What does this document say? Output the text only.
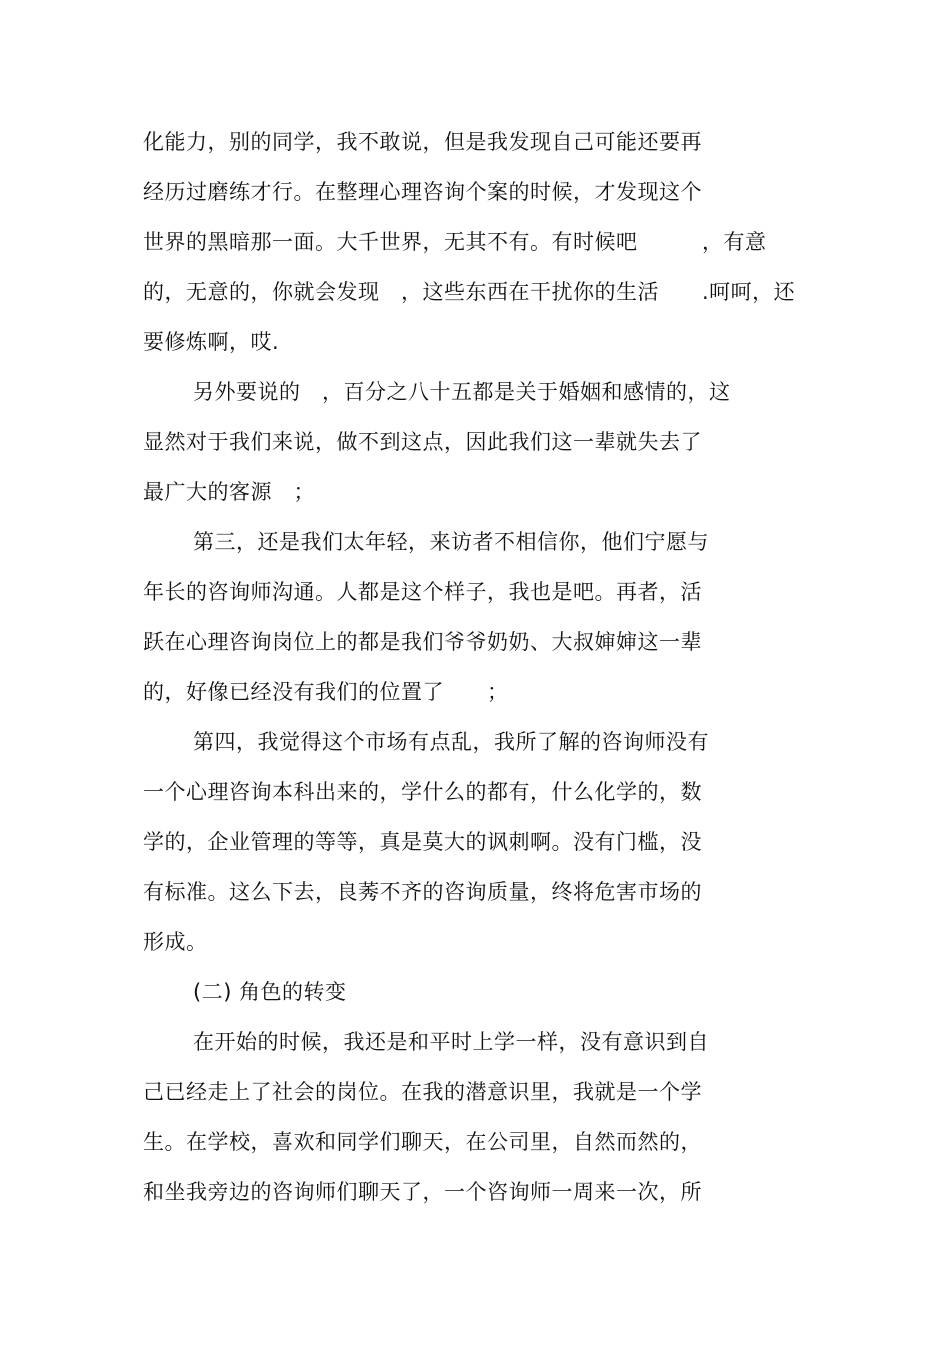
化能力，别的同学，我不敢说，但是我发现自己可能还要再
经历过磨练才行。在整理心理咨询个案的时候，才发现这个
世界的黑暗那一面。大千世界，无其不有。有时候吧　　　，有意
的，无意的，你就会发现　，这些东西在干扰你的生活　　.呵呵，还
要修炼啊，哎.
另外要说的　，百分之八十五都是关于婚姻和感情的，这
显然对于我们来说，做不到这点，因此我们这一辈就失去了
最广大的客源　；
第三，还是我们太年轻，来访者不相信你，他们宁愿与
年长的咨询师沟通。人都是这个样子，我也是吧。再者，活
跃在心理咨询岗位上的都是我们爷爷奶奶、大叔婶婶这一辈
的，好像已经没有我们的位置了　　；
第四，我觉得这个市场有点乱，我所了解的咨询师没有
一个心理咨询本科出来的，学什么的都有，什么化学的，数
学的，企业管理的等等，真是莫大的讽刺啊。没有门槛，没
有标准。这么下去，良莠不齐的咨询质量，终将危害市场的
形成。
(二) 角色的转变
在开始的时候，我还是和平时上学一样，没有意识到自
己已经走上了社会的岗位。在我的潜意识里，我就是一个学
生。在学校，喜欢和同学们聊天，在公司里，自然而然的，
和坐我旁边的咨询师们聊天了，一个咨询师一周来一次，所
